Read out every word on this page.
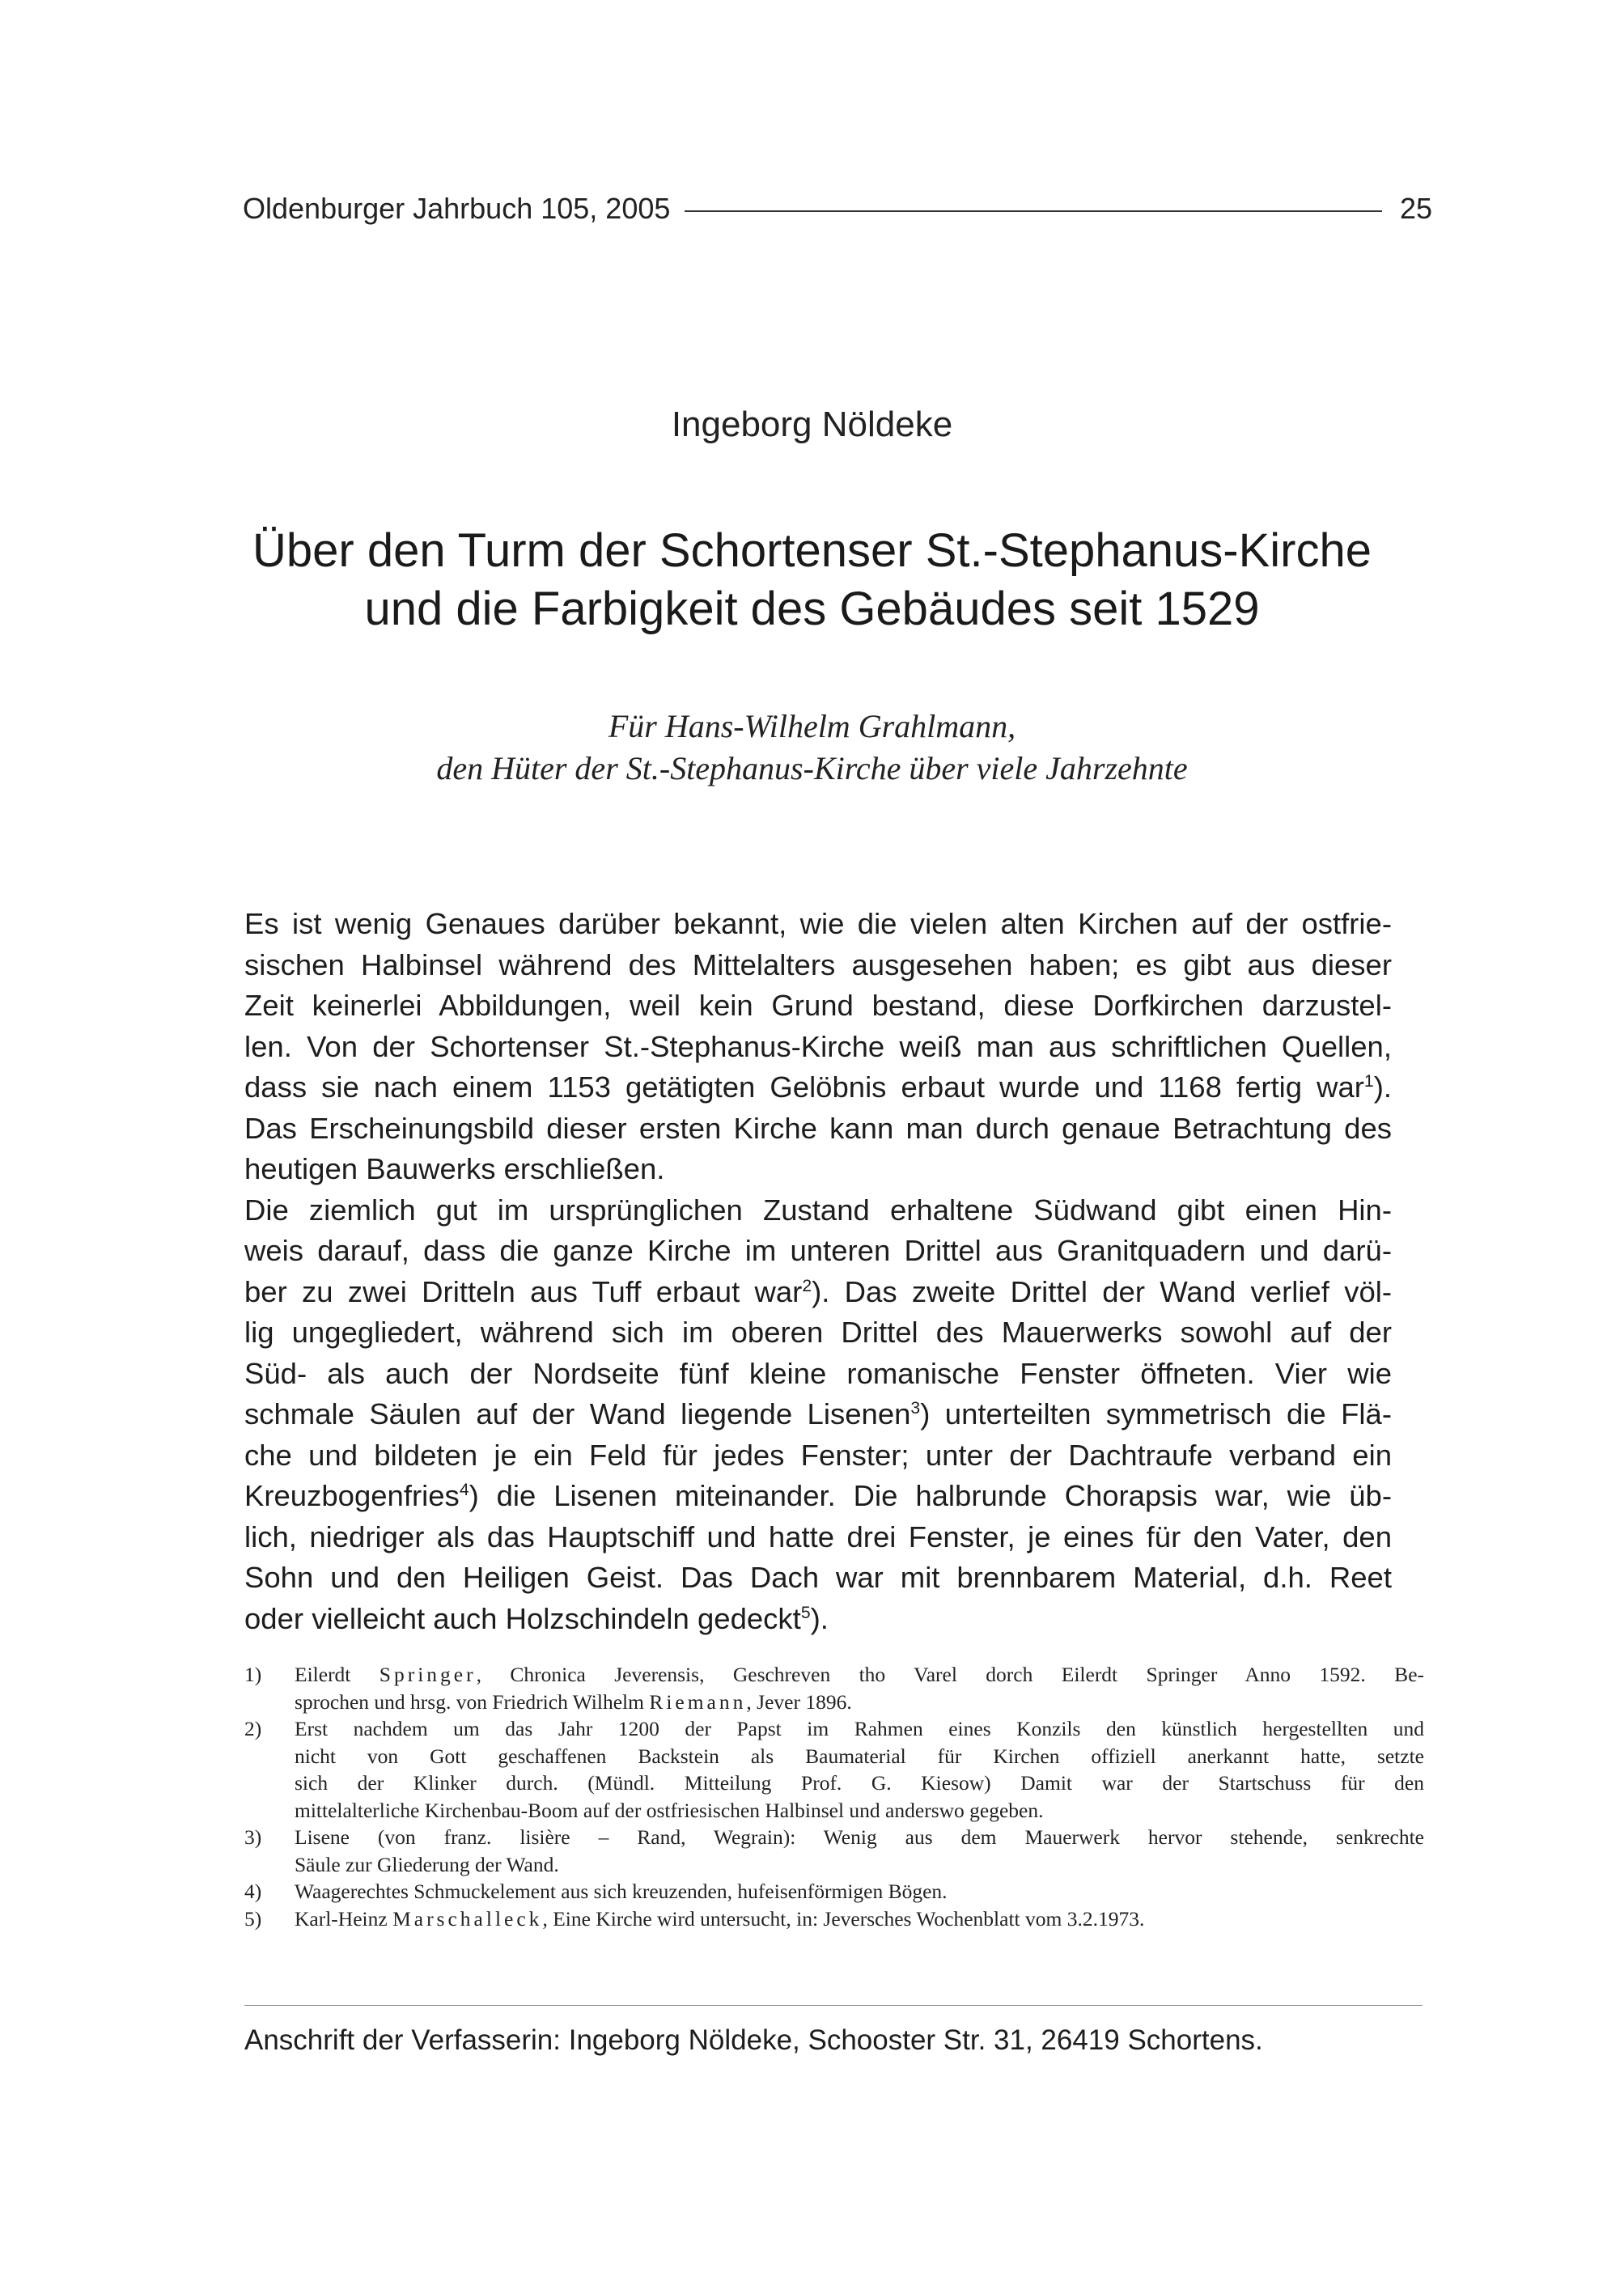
Oldenburger Jahrbuch 105, 2005	25
Ingeborg Nöldeke
Über den Turm der Schortenser St.-Stephanus-Kirche
und die Farbigkeit des Gebäudes seit 1529
Für Hans-Wilhelm Grahlmann,
den Hüter der St.-Stephanus-Kirche über viele Jahrzehnte
Es ist wenig Genaues darüber bekannt, wie die vielen alten Kirchen auf der ostfrie-
sischen Halbinsel während des Mittelalters ausgesehen haben; es gibt aus dieser
Zeit keinerlei Abbildungen, weil kein Grund bestand, diese Dorfkirchen darzustel-
len. Von der Schortenser St.-Stephanus-Kirche weiß man aus schriftlichen Quellen,
dass sie nach einem 1153 getätigten Gelöbnis erbaut wurde und 1168 fertig war$^1$).
Das Erscheinungsbild dieser ersten Kirche kann man durch genaue Betrachtung des
heutigen Bauwerks erschließen.
Die ziemlich gut im ursprünglichen Zustand erhaltene Südwand gibt einen Hin-
weis darauf, dass die ganze Kirche im unteren Drittel aus Granitquadern und darü-
ber zu zwei Dritteln aus Tuff erbaut war$^2$). Das zweite Drittel der Wand verlief völ-
lig ungegliedert, während sich im oberen Drittel des Mauerwerks sowohl auf der
Süd- als auch der Nordseite fünf kleine romanische Fenster öffneten. Vier wie
schmale Säulen auf der Wand liegende Lisenen$^3$) unterteilten symmetrisch die Flä-
che und bildeten je ein Feld für jedes Fenster; unter der Dachtraufe verband ein
Kreuzbogenfries$^4$) die Lisenen miteinander. Die halbrunde Chorapsis war, wie üb-
lich, niedriger als das Hauptschiff und hatte drei Fenster, je eines für den Vater, den
Sohn und den Heiligen Geist. Das Dach war mit brennbarem Material, d.h. Reet
oder vielleicht auch Holzschindeln gedeckt$^5$).
1)	Eilerdt Springer, Chronica Jeverensis, Geschreven tho Varel dorch Eilerdt Springer Anno 1592. Be-
sprochen und hrsg. von Friedrich Wilhelm Riemann, Jever 1896.
2)	Erst nachdem um das Jahr 1200 der Papst im Rahmen eines Konzils den künstlich hergestellten und
nicht von Gott geschaffenen Backstein als Baumaterial für Kirchen offiziell anerkannt hatte, setzte
sich der Klinker durch. (Mündl. Mitteilung Prof. G. Kiesow) Damit war der Startschuss für den
mittelalterliche Kirchenbau-Boom auf der ostfriesischen Halbinsel und anderswo gegeben.
3)	Lisene (von franz. lisière – Rand, Wegrain): Wenig aus dem Mauerwerk hervor stehende, senkrechte
Säule zur Gliederung der Wand.
4)	Waagerechtes Schmuckelement aus sich kreuzenden, hufeisenförmigen Bögen.
5)	Karl-Heinz Marschalleck, Eine Kirche wird untersucht, in: Jeversches Wochenblatt vom 3.2.1973.
Anschrift der Verfasserin: Ingeborg Nöldeke, Schooster Str. 31, 26419 Schortens.
